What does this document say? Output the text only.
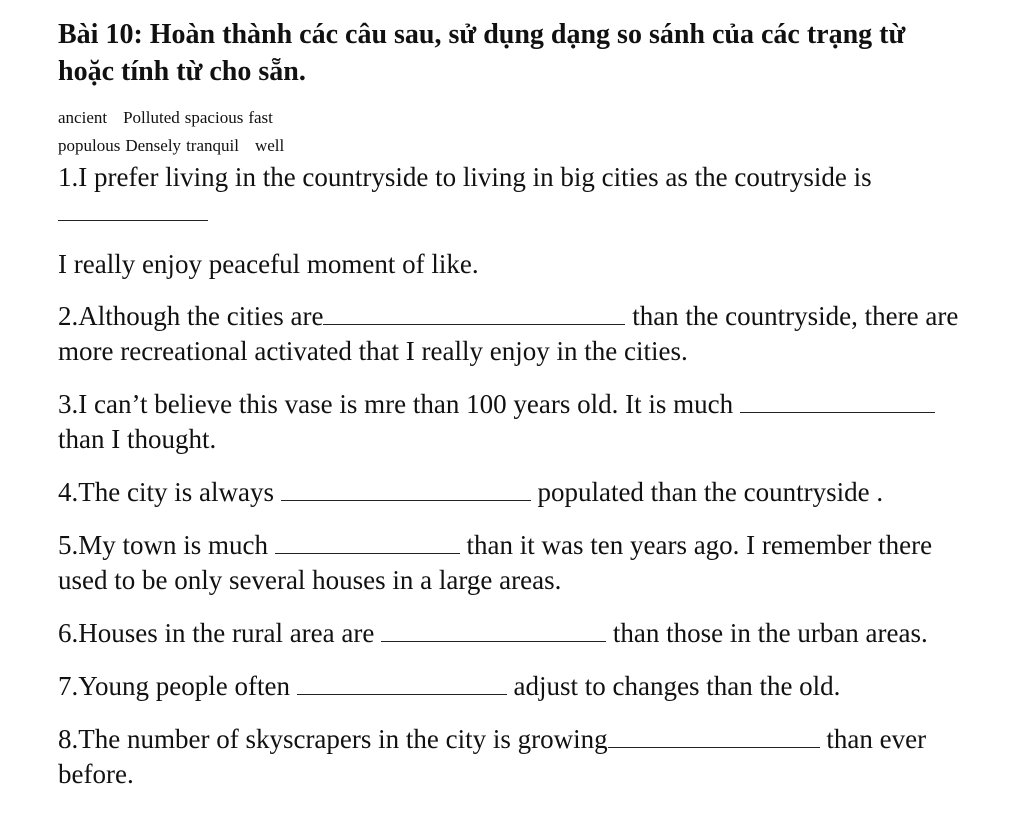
Bài 10: Hoàn thành các câu sau, sử dụng dạng so sánh của các trạng từ hoặc tính từ cho sẵn.
ancient Polluted spacious fast
populous Densely tranquil well

1.I prefer living in the countryside to living in big cities as the coutryside is

I really enjoy peaceful moment of like.

2.Although the cities are	than the countryside, there are more recreational activated that I really enjoy in the cities.

3.I can’t believe this vase is mre than 100 years old. It is much  than I thought.

4.The city is always	populated than the countryside .

5.My town is much	than it was ten years ago. I remember there used to be only several houses in a large areas.

6.Houses in the rural area are	than those in the urban areas.

7.Young people often	adjust to changes than the old.

8.The number of skyscrapers in the city is growing	than ever before.
